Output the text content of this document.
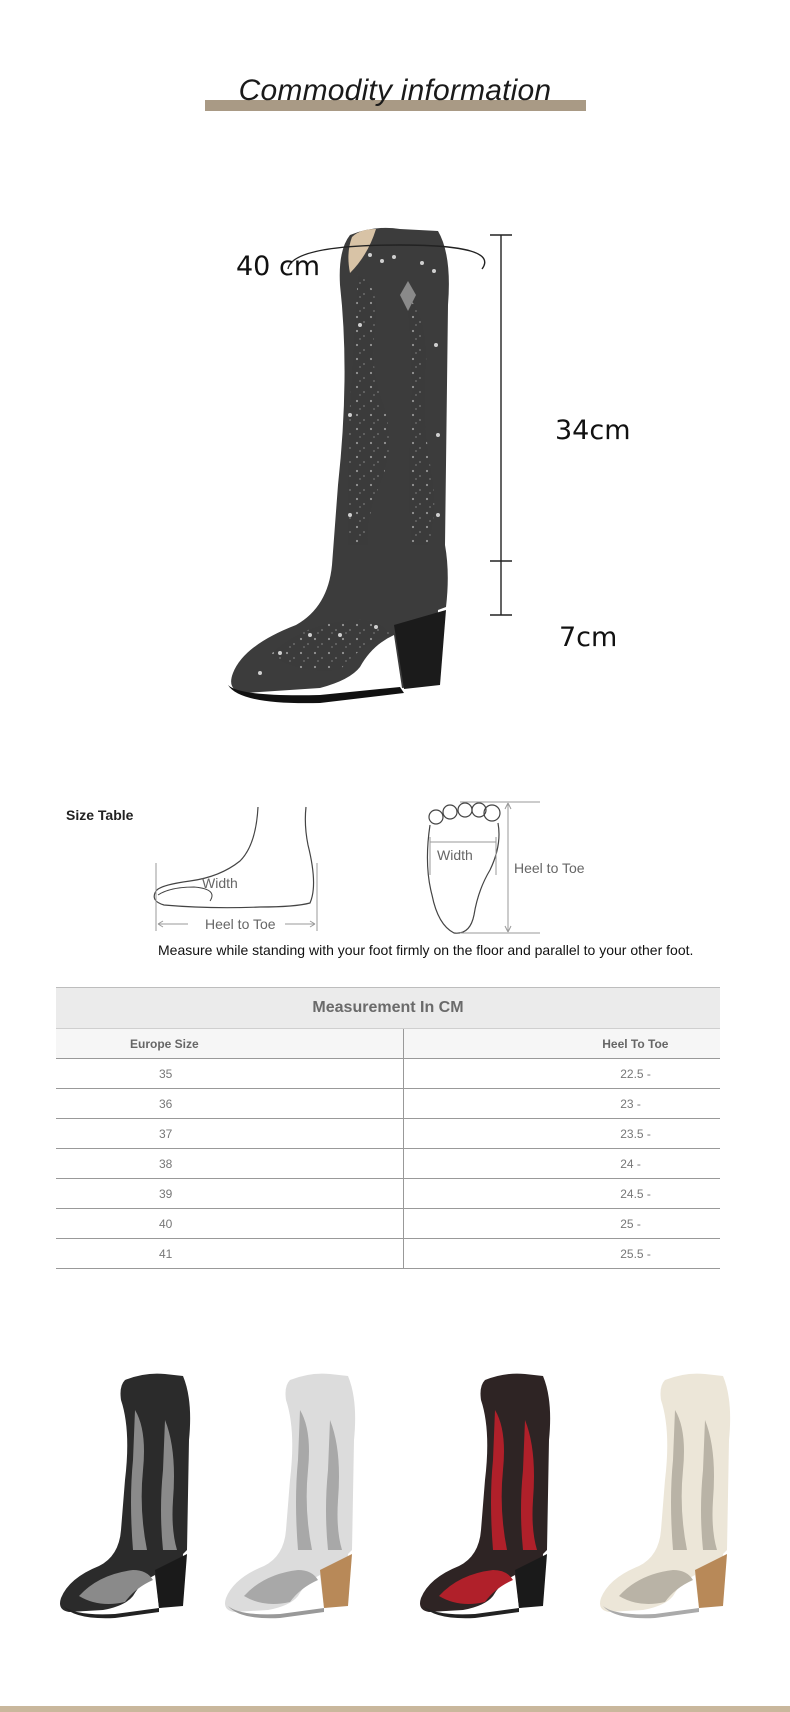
Commodity information
40 cm
34cm
7cm
Size Table
Width
Heel to Toe
Width
Heel to Toe
Measure while standing with your foot firmly on the floor and parallel to your other foot.
Measurement In CM	
Europe Size	Heel To Toe
35	22.5 -
36	23 -
37	23.5 -
38	24 -
39	24.5 -
40	25 -
41	25.5 -
